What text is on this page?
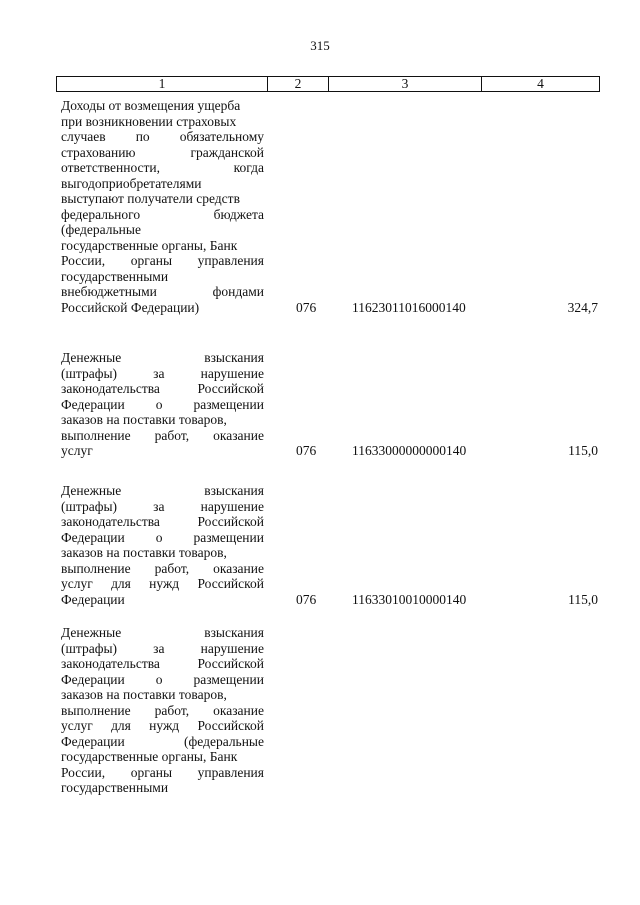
315
1	2	3	4
Доходы от возмещения ущерба
при возникновении страховых
случаев по обязательному
страхованию гражданской
ответственности, когда
выгодоприобретателями
выступают получатели средств
федерального бюджета
(федеральные
государственные органы, Банк
России, органы управления
государственными
внебюджетными фондами
Российской Федерации)	076	11623011016000140	324,7
Денежные взыскания
(штрафы) за нарушение
законодательства Российской
Федерации о размещении
заказов на поставки товаров,
выполнение работ, оказание
услуг	076	11633000000000140	115,0
Денежные взыскания
(штрафы) за нарушение
законодательства Российской
Федерации о размещении
заказов на поставки товаров,
выполнение работ, оказание
услуг для нужд Российской
Федерации	076	11633010010000140	115,0
Денежные взыскания
(штрафы) за нарушение
законодательства Российской
Федерации о размещении
заказов на поставки товаров,
выполнение работ, оказание
услуг для нужд Российской
Федерации (федеральные
государственные органы, Банк
России, органы управления
государственными
